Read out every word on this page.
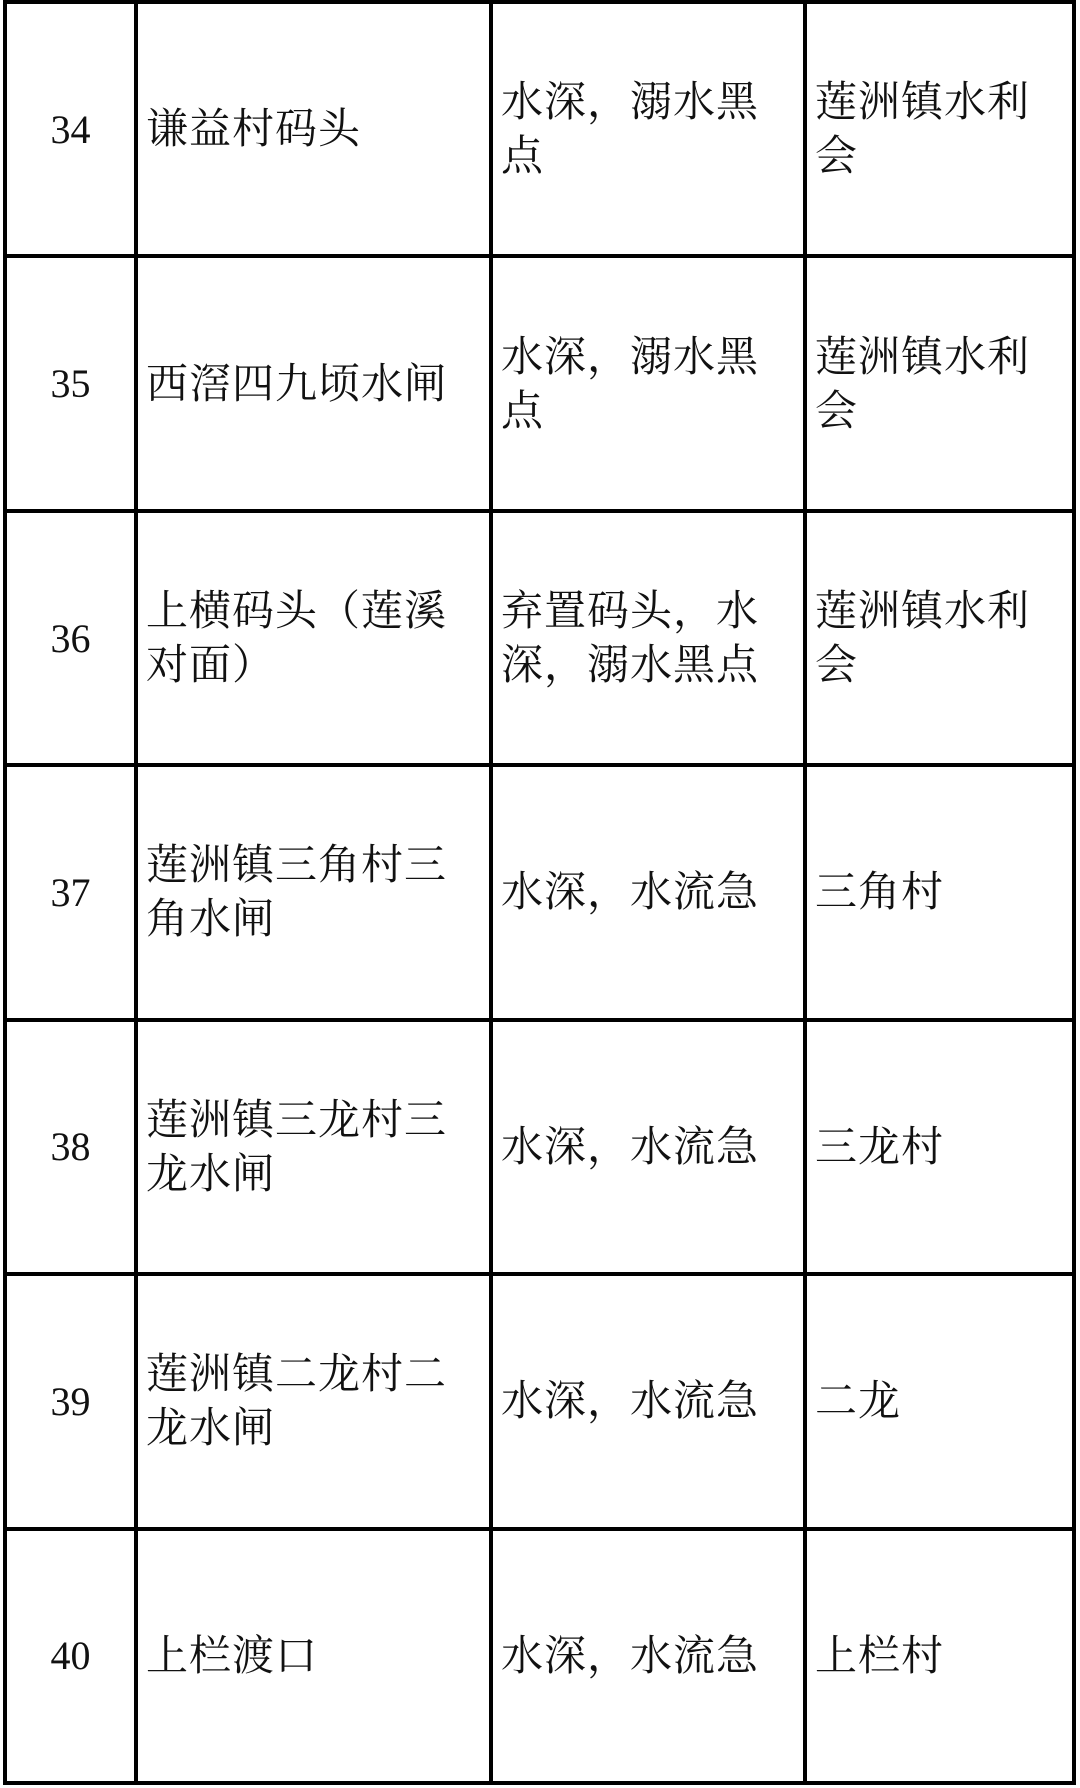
34	谦益村码头	水深，溺水黑点	莲洲镇水利会

35	西滘四九顷水闸	水深，溺水黑点	莲洲镇水利会

36	上横码头（莲溪对面）	弃置码头，水深，溺水黑点	莲洲镇水利会

37	莲洲镇三角村三角水闸	水深，水流急	三角村

38	莲洲镇三龙村三龙水闸	水深，水流急	三龙村

39	莲洲镇二龙村二龙水闸	水深，水流急	二龙

40	上栏渡口	水深，水流急	上栏村
